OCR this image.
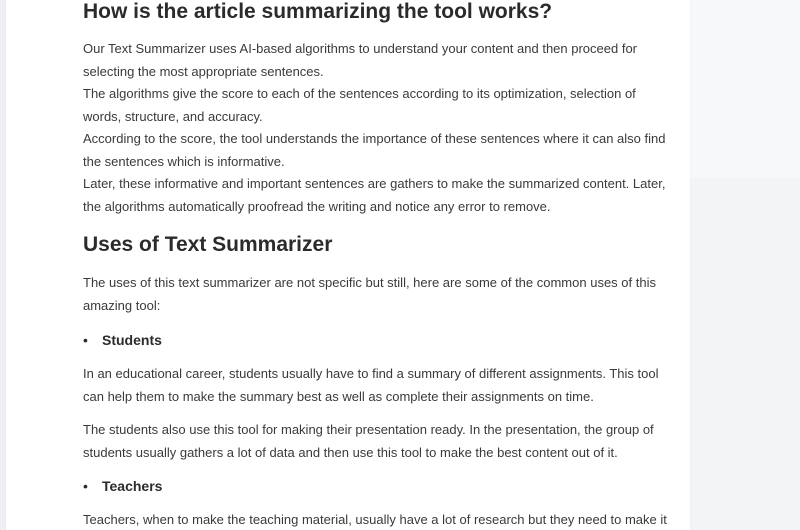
How is the article summarizing the tool works?
Our Text Summarizer uses AI-based algorithms to understand your content and then proceed for
selecting the most appropriate sentences.
The algorithms give the score to each of the sentences according to its optimization, selection of
words, structure, and accuracy.
According to the score, the tool understands the importance of these sentences where it can also find
the sentences which is informative.
Later, these informative and important sentences are gathers to make the summarized content. Later,
the algorithms automatically proofread the writing and notice any error to remove.
Uses of Text Summarizer
The uses of this text summarizer are not specific but still, here are some of the common uses of this
amazing tool:
• Students
In an educational career, students usually have to find a summary of different assignments. This tool
can help them to make the summary best as well as complete their assignments on time.
The students also use this tool for making their presentation ready. In the presentation, the group of
students usually gathers a lot of data and then use this tool to make the best content out of it.
• Teachers
Teachers, when to make the teaching material, usually have a lot of research but they need to make it
